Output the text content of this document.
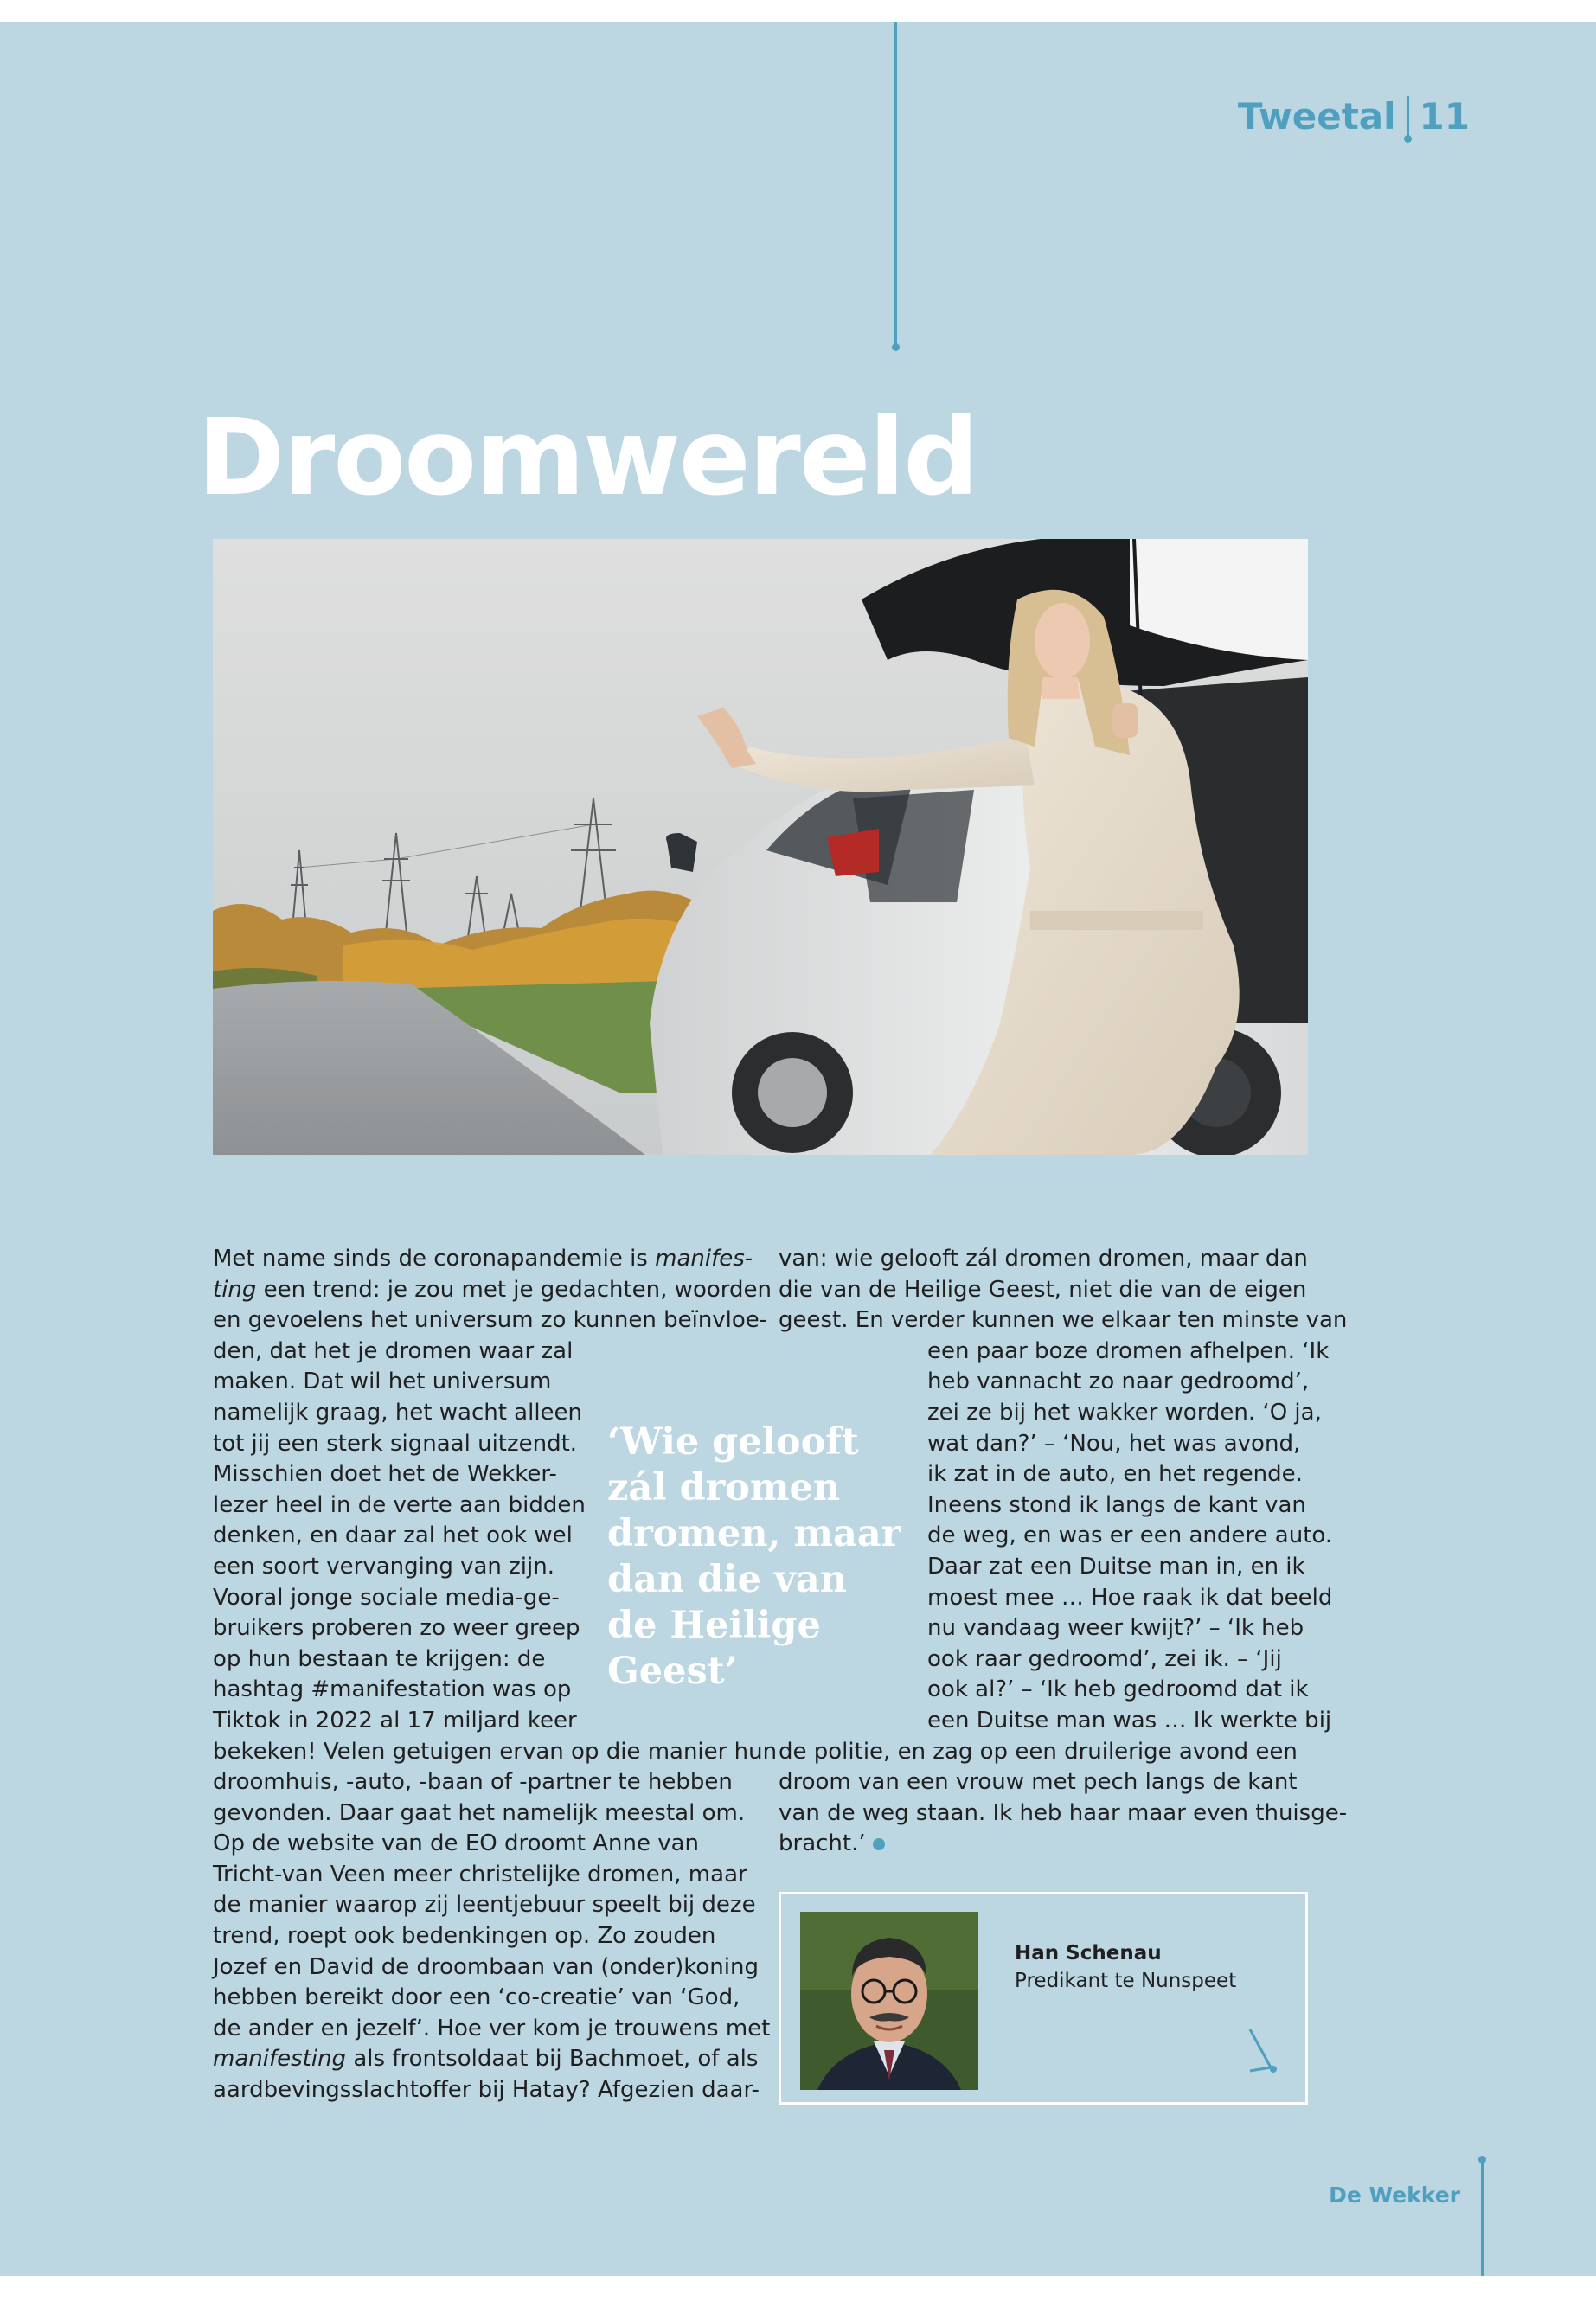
Tweetal 11
Droomwereld

Met name sinds de coronapandemie is manifes-
ting een trend: je zou met je gedachten, woorden
en gevoelens het universum zo kunnen beïnvloe-
den, dat het je dromen waar zal
maken. Dat wil het universum
namelijk graag, het wacht alleen
tot jij een sterk signaal uitzendt.
Misschien doet het de Wekker-
lezer heel in de verte aan bidden
denken, en daar zal het ook wel
een soort vervanging van zijn.
Vooral jonge sociale media-ge-
bruikers proberen zo weer greep
op hun bestaan te krijgen: de
hashtag #manifestation was op
Tiktok in 2022 al 17 miljard keer
bekeken! Velen getuigen ervan op die manier hun
droomhuis, -auto, -baan of -partner te hebben
gevonden. Daar gaat het namelijk meestal om.
Op de website van de EO droomt Anne van
Tricht-van Veen meer christelijke dromen, maar
de manier waarop zij leentjebuur speelt bij deze
trend, roept ook bedenkingen op. Zo zouden
Jozef en David de droombaan van (onder)koning
hebben bereikt door een ‘co-creatie’ van ‘God,
de ander en jezelf’. Hoe ver kom je trouwens met
manifesting als frontsoldaat bij Bachmoet, of als
aardbevingsslachtoffer bij Hatay? Afgezien daar-

‘Wie gelooft zál dromen dromen, maar dan die van de Heilige Geest’

van: wie gelooft zál dromen dromen, maar dan
die van de Heilige Geest, niet die van de eigen
geest. En verder kunnen we elkaar ten minste van

een paar boze dromen afhelpen. ‘Ik
heb vannacht zo naar gedroomd’,
zei ze bij het wakker worden. ‘O ja,
wat dan?’ – ‘Nou, het was avond,
ik zat in de auto, en het regende.
Ineens stond ik langs de kant van
de weg, en was er een andere auto.
Daar zat een Duitse man in, en ik
moest mee … Hoe raak ik dat beeld
nu vandaag weer kwijt?’ – ‘Ik heb
ook raar gedroomd’, zei ik. – ‘Jij
ook al?’ – ‘Ik heb gedroomd dat ik
een Duitse man was … Ik werkte bij
de politie, en zag op een druilerige avond een
droom van een vrouw met pech langs de kant
van de weg staan. Ik heb haar maar even thuisge-
bracht.’

Han Schenau
Predikant te Nunspeet
De Wekker
